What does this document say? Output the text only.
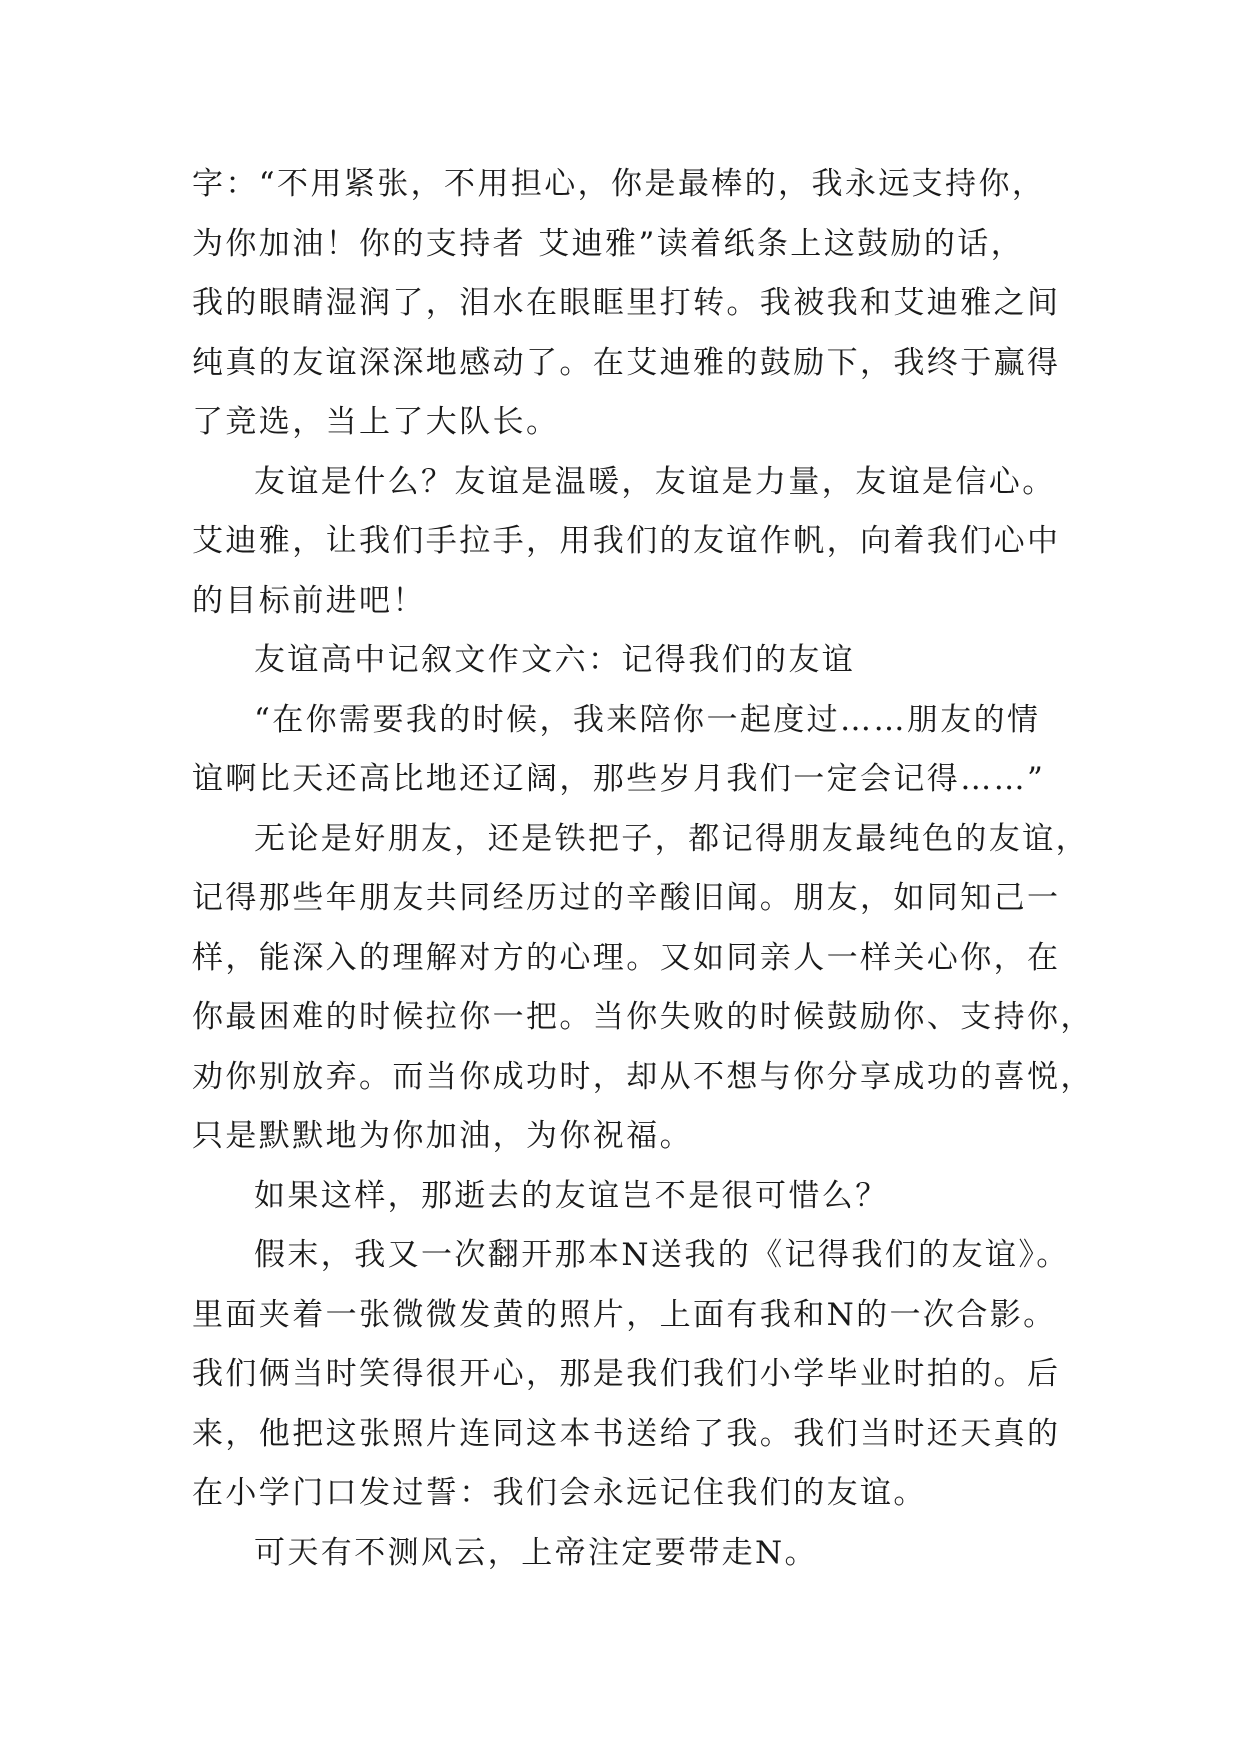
字：“不用紧张，不用担心，你是最棒的，我永远支持你，
为你加油！你的支持者 艾迪雅”读着纸条上这鼓励的话，
我的眼睛湿润了，泪水在眼眶里打转。我被我和艾迪雅之间
纯真的友谊深深地感动了。在艾迪雅的鼓励下，我终于赢得
了竞选，当上了大队长。
友谊是什么？友谊是温暖，友谊是力量，友谊是信心。
艾迪雅，让我们手拉手，用我们的友谊作帆，向着我们心中
的目标前进吧！
友谊高中记叙文作文六：记得我们的友谊
“在你需要我的时候，我来陪你一起度过……朋友的情
谊啊比天还高比地还辽阔，那些岁月我们一定会记得……”
无论是好朋友，还是铁把子，都记得朋友最纯色的友谊，
记得那些年朋友共同经历过的辛酸旧闻。朋友，如同知己一
样，能深入的理解对方的心理。又如同亲人一样关心你，在
你最困难的时候拉你一把。当你失败的时候鼓励你、支持你，
劝你别放弃。而当你成功时，却从不想与你分享成功的喜悦，
只是默默地为你加油，为你祝福。
如果这样，那逝去的友谊岂不是很可惜么？
假末，我又一次翻开那本N送我的《记得我们的友谊》。
里面夹着一张微微发黄的照片，上面有我和N的一次合影。
我们俩当时笑得很开心，那是我们我们小学毕业时拍的。后
来，他把这张照片连同这本书送给了我。我们当时还天真的
在小学门口发过誓：我们会永远记住我们的友谊。
可天有不测风云，上帝注定要带走N。
